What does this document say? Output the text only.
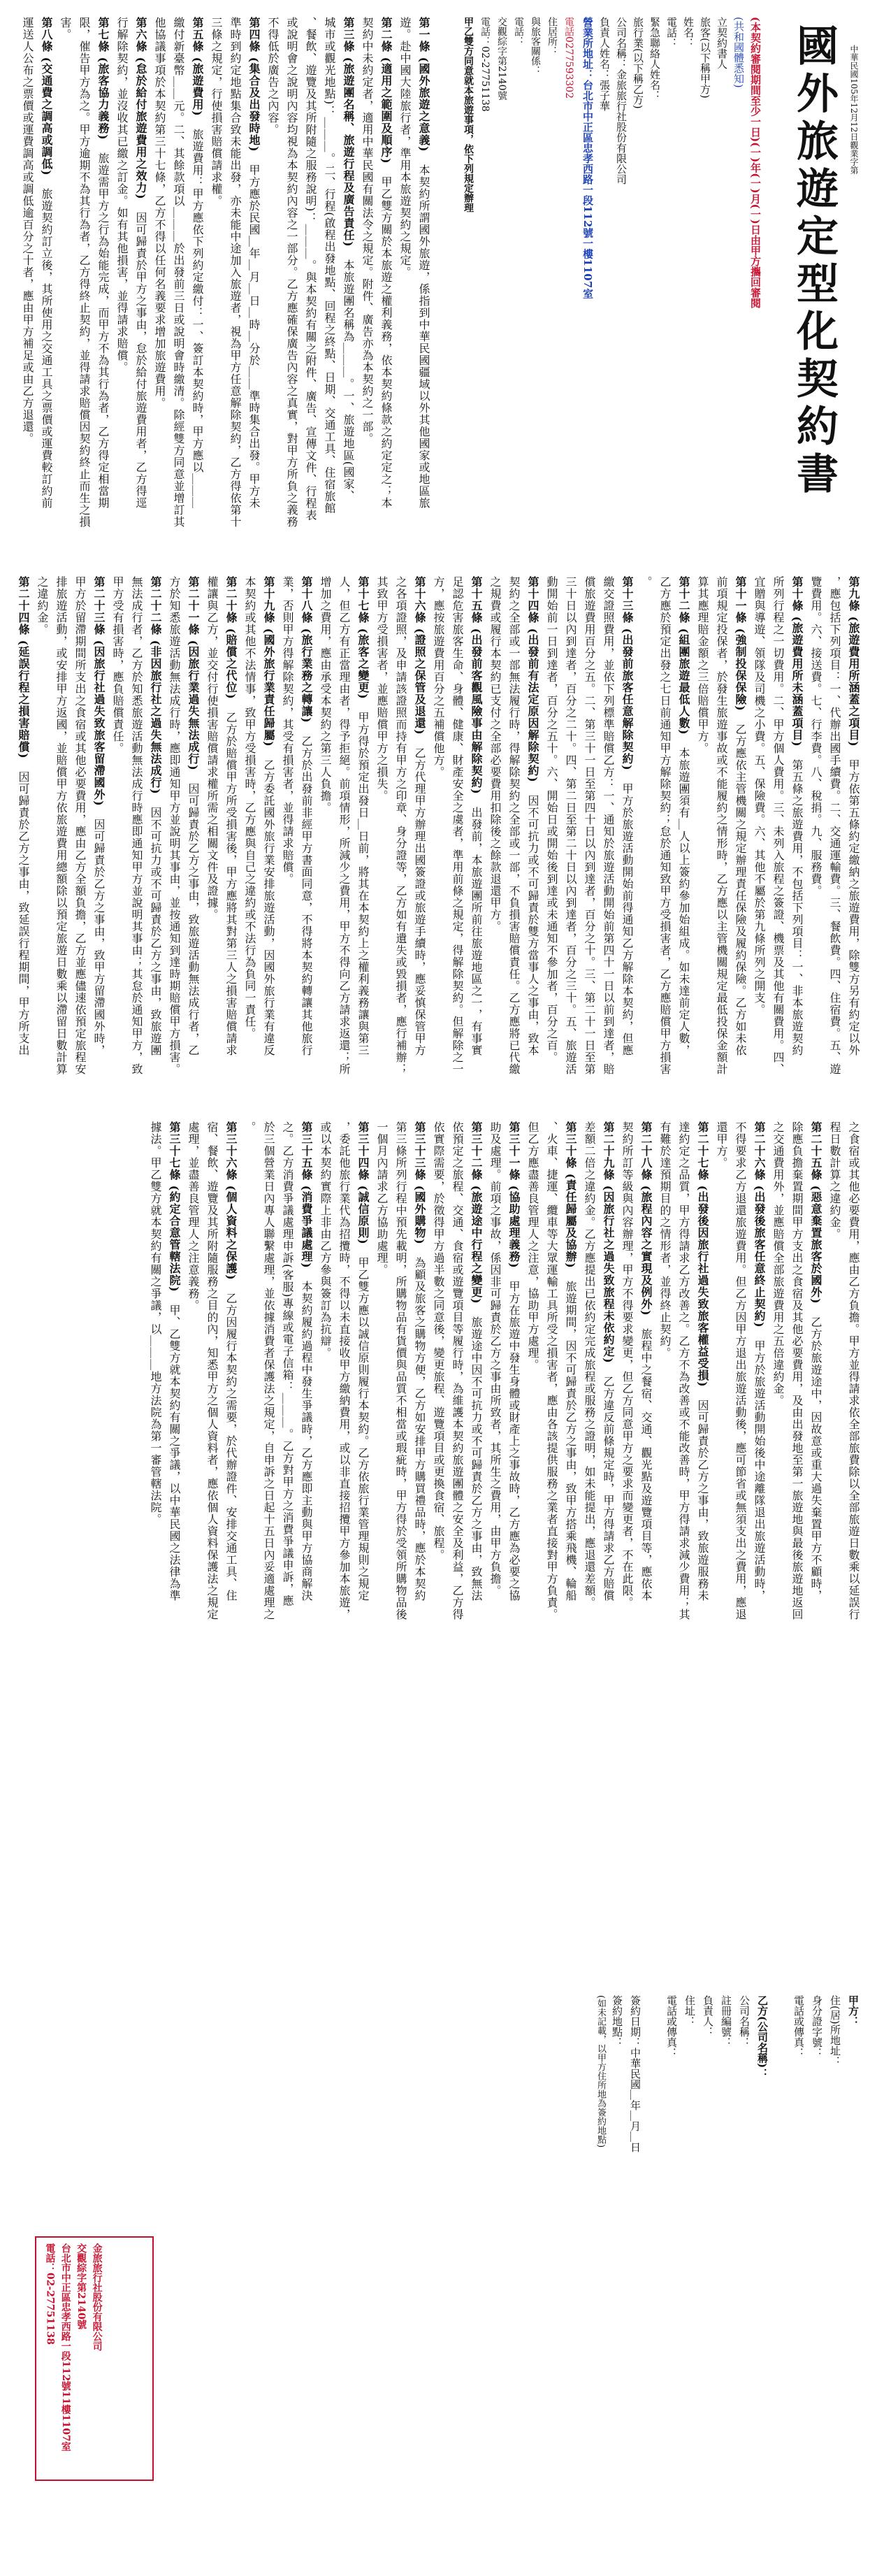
國外旅遊定型化契約書 中華民國105年12月12日觀業字第
(本契約審閱期間至少一日)(一)年(一)月(一)日由甲方攜回審閱
(共和國體悉知)
立契約書人
旅客(以下稱甲方)
姓名：
電話：
緊急聯絡人姓名：
旅行業(以下稱乙方)
公司名稱：金旅旅行社股份有限公司
負責人姓名：張子華
營業所地址：台北市中正區忠孝西路一段112號一樓1107室
電話0277593302
住居所：
與旅客關係：
電話：
交觀綜字第2140號
電話：02-27751138
甲乙雙方同意就本旅遊事項，依下列規定辦理
第一條 (國外旅遊之意義)　本契約所謂國外旅遊，係指到中華民國疆域以外其他國家或地區旅
遊。赴中國大陸旅行者，準用本旅遊契約之規定。
第二條 (適用之範圍及順序)　甲乙雙方關於本旅遊之權利義務，依本契約條款之約定定之；本
契約中未約定者，適用中華民國有關法令之規定。附件、廣告亦為本契約之一部。
第三條 (旅遊團名稱、旅遊行程及廣告責任)　本旅遊團名稱為＿＿＿。一、旅遊地區(國家、
城市或觀光地點)：＿＿＿。二、行程(啟程出發地點、回程之終點、日期、交通工具、住宿旅館
、餐飲、遊覽及其所附隨之服務說明)：＿＿＿。與本契約有關之附件、廣告、宣傳文件、行程表
或說明會之說明內容均視為本契約內容之一部分。乙方應確保廣告內容之真實，對甲方所負之義務
不得低於廣告之內容。
第四條 (集合及出發時地)　甲方應於民國＿年＿月＿日＿時＿分於＿＿準時集合出發。甲方未
準時到約定地點集合致未能出發，亦未能中途加入旅遊者，視為甲方任意解除契約，乙方得依第十
三條之規定，行使損害賠償請求權。
第五條 (旅遊費用)　旅遊費用：甲方應依下列約定繳付：一、簽訂本契約時，甲方應以＿＿＿
繳付新臺幣＿＿元。二、其餘款項以＿＿＿於出發前三日或說明會時繳清。除經雙方同意並增訂其
他協議事項於本契約第三十七條，乙方不得以任何名義要求增加旅遊費用。
第六條 (怠於給付旅遊費用之效力)　因可歸責於甲方之事由，怠於給付旅遊費用者，乙方得逕
行解除契約，並沒收其已繳之訂金。如有其他損害，並得請求賠償。
第七條 (旅客協力義務)　旅遊需甲方之行為始能完成，而甲方不為其行為者，乙方得定相當期
限，催告甲方為之。甲方逾期不為其行為者，乙方得終止契約，並得請求賠償因契約終止而生之損
害。
第八條 (交通費之調高或調低)　旅遊契約訂立後，其所使用之交通工具之票價或運費較訂約前
運送人公布之票價或運費調高或調低逾百分之十者，應由甲方補足或由乙方退還。
第九條 (旅遊費用所涵蓋之項目)　甲方依第五條約定繳納之旅遊費用，除雙方另有約定以外
，應包括下列項目：一、代辦出國手續費。二、交通運輸費。三、餐飲費。四、住宿費。五、遊
覽費用。六、接送費。七、行李費。八、稅捐。九、服務費。
第十條 (旅遊費用所未涵蓋項目)　第五條之旅遊費用，不包括下列項目：一、非本旅遊契約
所列行程之一切費用。二、甲方個人費用。三、未列入旅程之簽證、機票及其他有關費用。四、
宜贈與導遊、領隊及司機之小費。五、保險費。六、其他不屬於第九條所列之開支。
第十一條 (強制投保保險)　乙方應依主管機關之規定辦理責任保險及履約保險。乙方如未依
前項規定投保者，於發生旅遊事故或不能履約之情形時，乙方應以主管機關規定最低投保金額計
算其應理賠金額之三倍賠償甲方。
第十二條 (組團旅遊最低人數)　本旅遊團須有＿人以上簽約參加始組成。如未達前定人數，
乙方應於預定出發之七日前通知甲方解除契約；怠於通知致甲方受損害者，乙方應賠償甲方損害
。
第十三條 (出發前旅客任意解除契約)　甲方於旅遊活動開始前得通知乙方解除本契約，但應
繳交證照費用，並依下列標準賠償乙方：一、通知於旅遊活動開始前第四十一日以前到達者，賠
償旅遊費用百分之五。二、第三十一日至第四十日以內到達者，百分之十。三、第二十一日至第
三十日以內到達者，百分之二十。四、第二日至第二十日以內到達者，百分之三十。五、旅遊活
動開始前一日到達者，百分之五十。六、開始日或開始後到達或未通知不參加者，百分之百。
第十四條 (出發前有法定原因解除契約)　因不可抗力或不可歸責於雙方當事人之事由，致本
契約之全部或一部無法履行時，得解除契約之全部或一部，不負損害賠償責任。乙方應將已代繳
之規費或履行本契約已支付之全部必要費用扣除後之餘款退還甲方。
第十五條 (出發前客觀風險事由解除契約)　出發前，本旅遊團所前往旅遊地區之一，有事實
足認危害旅客生命、身體、健康、財產安全之虞者，準用前條之規定，得解除契約。但解除之一
方，應按旅遊費用百分之五補償他方。
第十六條 (證照之保管及退還)　乙方代理甲方辦理出國簽證或旅遊手續時，應妥慎保管甲方
之各項證照，及申請該證照而持有甲方之印章、身分證等，乙方如有遺失或毀損者，應行補辦；
其致甲方受損害者，並應賠償甲方之損失。
第十七條 (旅客之變更)　甲方得於預定出發日＿日前，將其在本契約上之權利義務讓與第三
人，但乙方有正當理由者，得予拒絕。前項情形，所減少之費用，甲方不得向乙方請求返還；所
增加之費用，應由承受本契約之第三人負擔。
第十八條 (旅行業務之轉讓)　乙方於出發前非經甲方書面同意，不得將本契約轉讓其他旅行
業，否則甲方得解除契約，其受有損害者，並得請求賠償。
第十九條 (國外旅行業責任歸屬)　乙方委託國外旅行業安排旅遊活動，因國外旅行業有違反
本契約或其他不法情事，致甲方受損害時，乙方應與自己之違約或不法行為負同一責任。
第二十條 (賠償之代位)　乙方於賠償甲方所受損害後，甲方應將其對第三人之損害賠償請求
權讓與乙方，並交付行使損害賠償請求權所需之相關文件及證據。
第二十一條 (因旅行業過失無法成行)　因可歸責於乙方之事由，致旅遊活動無法成行者，乙
方於知悉旅遊活動無法成行時，應即通知甲方並說明其事由，並按通知到達時期賠償甲方損害。
第二十二條 (非因旅行社之過失無法成行)　因不可抗力或不可歸責於乙方之事由，致旅遊團
無法成行者，乙方於知悉旅遊活動無法成行時應即通知甲方並說明其事由；其怠於通知甲方，致
甲方受有損害時，應負賠償責任。
第二十三條 (因旅行社過失致旅客留滯國外)　因可歸責於乙方之事由，致甲方留滯國外時，
甲方於留滯期間所支出之食宿或其他必要費用，應由乙方全額負擔，乙方並應儘速依預定旅程安
排旅遊活動，或安排甲方返國，並賠償甲方依旅遊費用總額除以預定旅遊日數乘以滯留日數計算
之違約金。
第二十四條 (延誤行程之損害賠償)　因可歸責於乙方之事由，致延誤行程期間，甲方所支出
之食宿或其他必要費用，應由乙方負擔。甲方並得請求依全部旅費除以全部旅遊日數乘以延誤行
程日數計算之違約金。
第二十五條 (惡意棄置旅客於國外)　乙方於旅遊途中，因故意或重大過失棄置甲方不顧時，
除應負擔棄置期間甲方支出之食宿及其他必要費用，及由出發地至第一旅遊地與最後旅遊地返回
之交通費用外，並應賠償全部旅遊費用之五倍違約金。
第二十六條 (出發後旅客任意終止契約)　甲方於旅遊活動開始後中途離隊退出旅遊活動時，
不得要求乙方退還旅遊費用。但乙方因甲方退出旅遊活動後，應可節省或無須支出之費用，應退
還甲方。
第二十七條 (出發後因旅行社過失致旅客權益受損)　因可歸責於乙方之事由，致旅遊服務未
達約定之品質，甲方得請求乙方改善之。乙方不為改善或不能改善時，甲方得請求減少費用；其
有難於達預期目的之情形者，並得終止契約。
第二十八條 (旅程內容之實現及例外)　旅程中之餐宿、交通、觀光點及遊覽項目等，應依本
契約所訂等級與內容辦理，甲方不得要求變更，但乙方同意甲方之要求而變更者，不在此限。
第二十九條 (因旅行社之過失致旅程未依約定)　乙方違反前條規定時，甲方得請求乙方賠償
差額二倍之違約金。乙方應提出已依約定完成旅程或服務之證明，如未能提出，應退還差額。
第三十條 (責任歸屬及協辦)　旅遊期間，因不可歸責於乙方之事由，致甲方搭乘飛機、輪船
、火車、捷運、纜車等大眾運輸工具所受之損害者，應由各該提供服務之業者直接對甲方負責。
但乙方應盡善良管理人之注意，協助甲方處理。
第三十一條 (協助處理義務)　甲方在旅遊中發生身體或財產上之事故時，乙方應為必要之協
助及處理。前項之事故，係因非可歸責於乙方之事由所致者，其所生之費用，由甲方負擔。
第三十二條 (旅遊途中行程之變更)　旅遊途中因不可抗力或不可歸責於乙方之事由，致無法
依預定之旅程、交通、食宿或遊覽項目等履行時，為維護本契約旅遊團體之安全及利益，乙方得
依實際需要，於徵得甲方過半數之同意後，變更旅程、遊覽項目或更換食宿、旅程。
第三十三條 (國外購物)　為顧及旅客之購物方便，乙方如安排甲方購買禮品時，應於本契約
第三條所列行程中預先載明，所購物品有貨價與品質不相當或瑕疵時，甲方得於受領所購物品後
一個月內請求乙方協助處理。
第三十四條 (誠信原則)　甲乙雙方應以誠信原則履行本契約。乙方依旅行業管理規則之規定
，委託他旅行業代為招攬時，不得以未直接收甲方繳納費用，或以非直接招攬甲方參加本旅遊，
或以本契約實際上非由乙方參與簽訂為抗辯。
第三十五條 (消費爭議處理)　本契約履約過程中發生爭議時，乙方應即主動與甲方協商解決
之。乙方消費爭議處理申訴(客服)專線或電子信箱：＿＿＿。乙方對甲方之消費爭議申訴，應
於三個營業日內專人聯繫處理，並依據消費者保護法之規定，自申訴之日起十五日內妥適處理之
。
第三十六條 (個人資料之保護)　乙方因履行本契約之需要，於代辦證件、安排交通工具、住
宿、餐飲、遊覽及其所附隨服務之目的內，知悉甲方之個人資料者，應依個人資料保護法之規定
處理，並盡善良管理人之注意義務。
第三十七條 (約定合意管轄法院)　甲、乙雙方就本契約有關之爭議，以中華民國之法律為準
據法。甲乙雙方就本契約有關之爭議，以＿＿＿地方法院為第一審管轄法院。
甲方：
住(居)所地址：
身分證字號：
電話或傳真：
乙方(公司名稱)：
公司名稱：
註冊編號：
負責人：
住址：
電話或傳真：
簽約日期：中華民國＿年＿月＿日
簽約地點：
(如未記載，以甲方住所地為簽約地點)
金旅旅行社股份有限公司
交觀綜字第2140號
台北市中正區忠孝西路一段112號11樓1107室
電話：02-27751138
